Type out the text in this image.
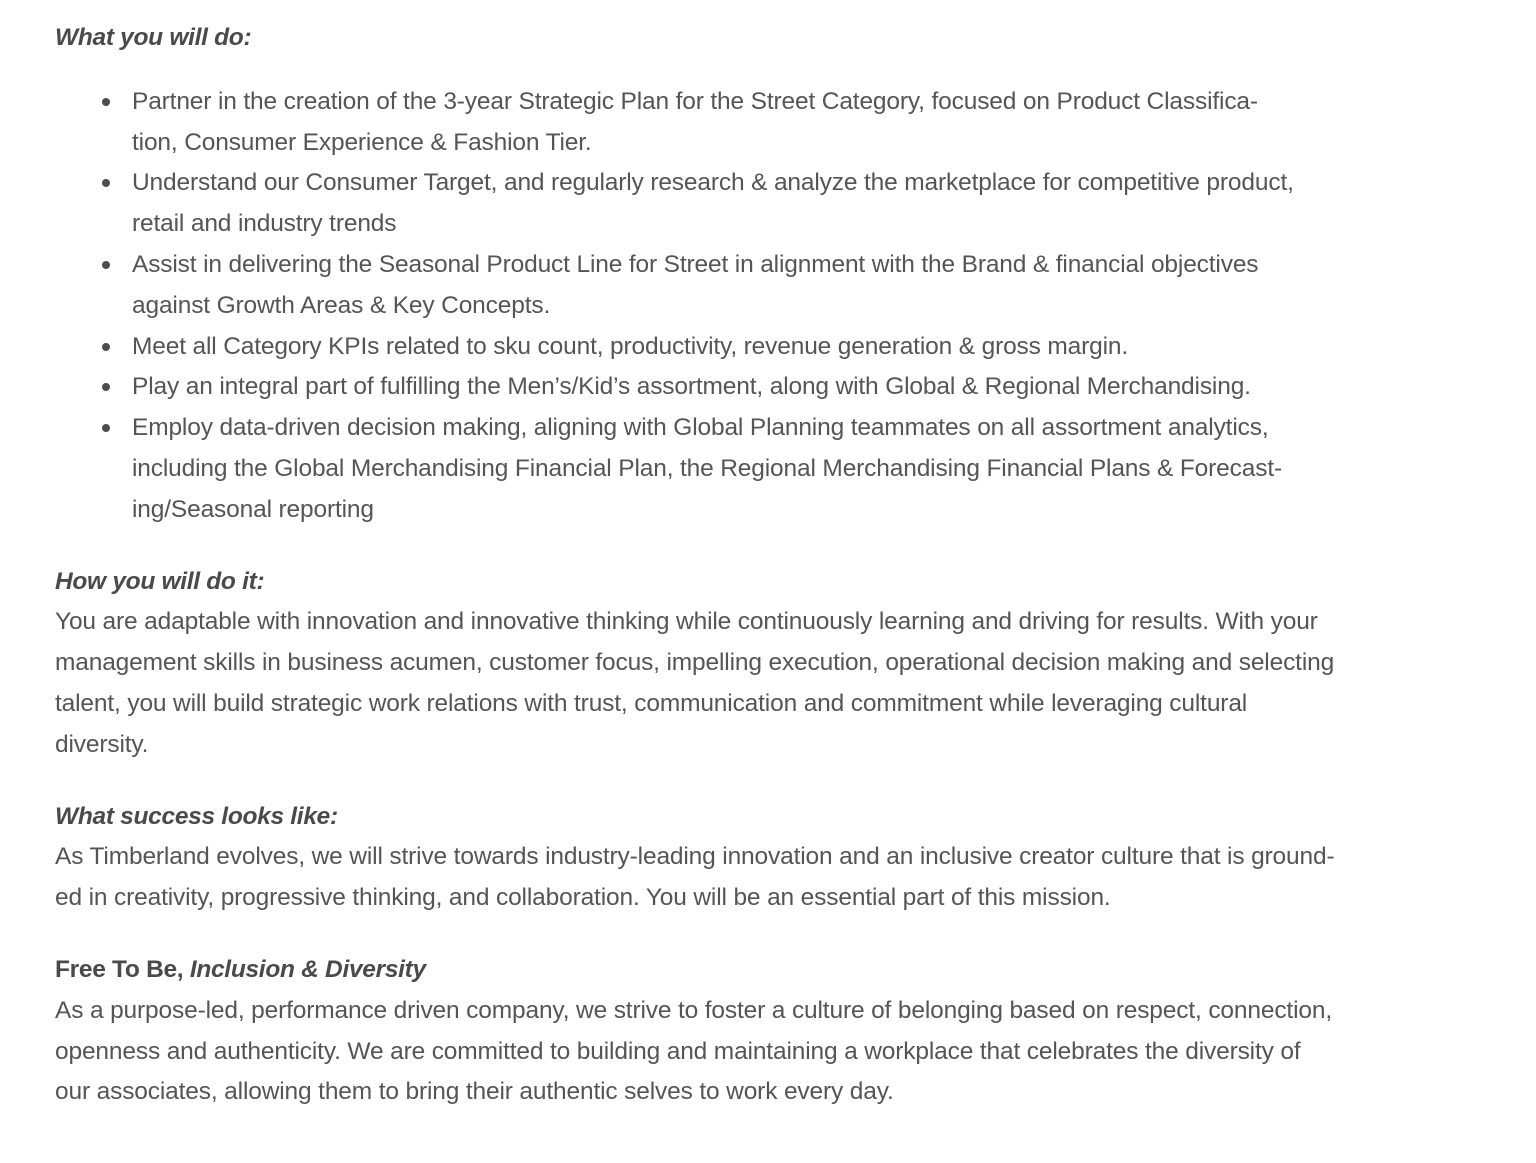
What you will do:
Partner in the creation of the 3-year Strategic Plan for the Street Category, focused on Product Classifica-
tion, Consumer Experience & Fashion Tier.
Understand our Consumer Target, and regularly research & analyze the marketplace for competitive product,
retail and industry trends
Assist in delivering the Seasonal Product Line for Street in alignment with the Brand & financial objectives
against Growth Areas & Key Concepts.
Meet all Category KPIs related to sku count, productivity, revenue generation & gross margin.
Play an integral part of fulfilling the Men’s/Kid’s assortment, along with Global & Regional Merchandising.
Employ data-driven decision making, aligning with Global Planning teammates on all assortment analytics,
including the Global Merchandising Financial Plan, the Regional Merchandising Financial Plans & Forecast-
ing/Seasonal reporting
How you will do it:
You are adaptable with innovation and innovative thinking while continuously learning and driving for results. With your
management skills in business acumen, customer focus, impelling execution, operational decision making and selecting
talent, you will build strategic work relations with trust, communication and commitment while leveraging cultural
diversity.
What success looks like:
As Timberland evolves, we will strive towards industry-leading innovation and an inclusive creator culture that is ground-
ed in creativity, progressive thinking, and collaboration. You will be an essential part of this mission.
Free To Be, Inclusion & Diversity
As a purpose-led, performance driven company, we strive to foster a culture of belonging based on respect, connection,
openness and authenticity. We are committed to building and maintaining a workplace that celebrates the diversity of
our associates, allowing them to bring their authentic selves to work every day.
